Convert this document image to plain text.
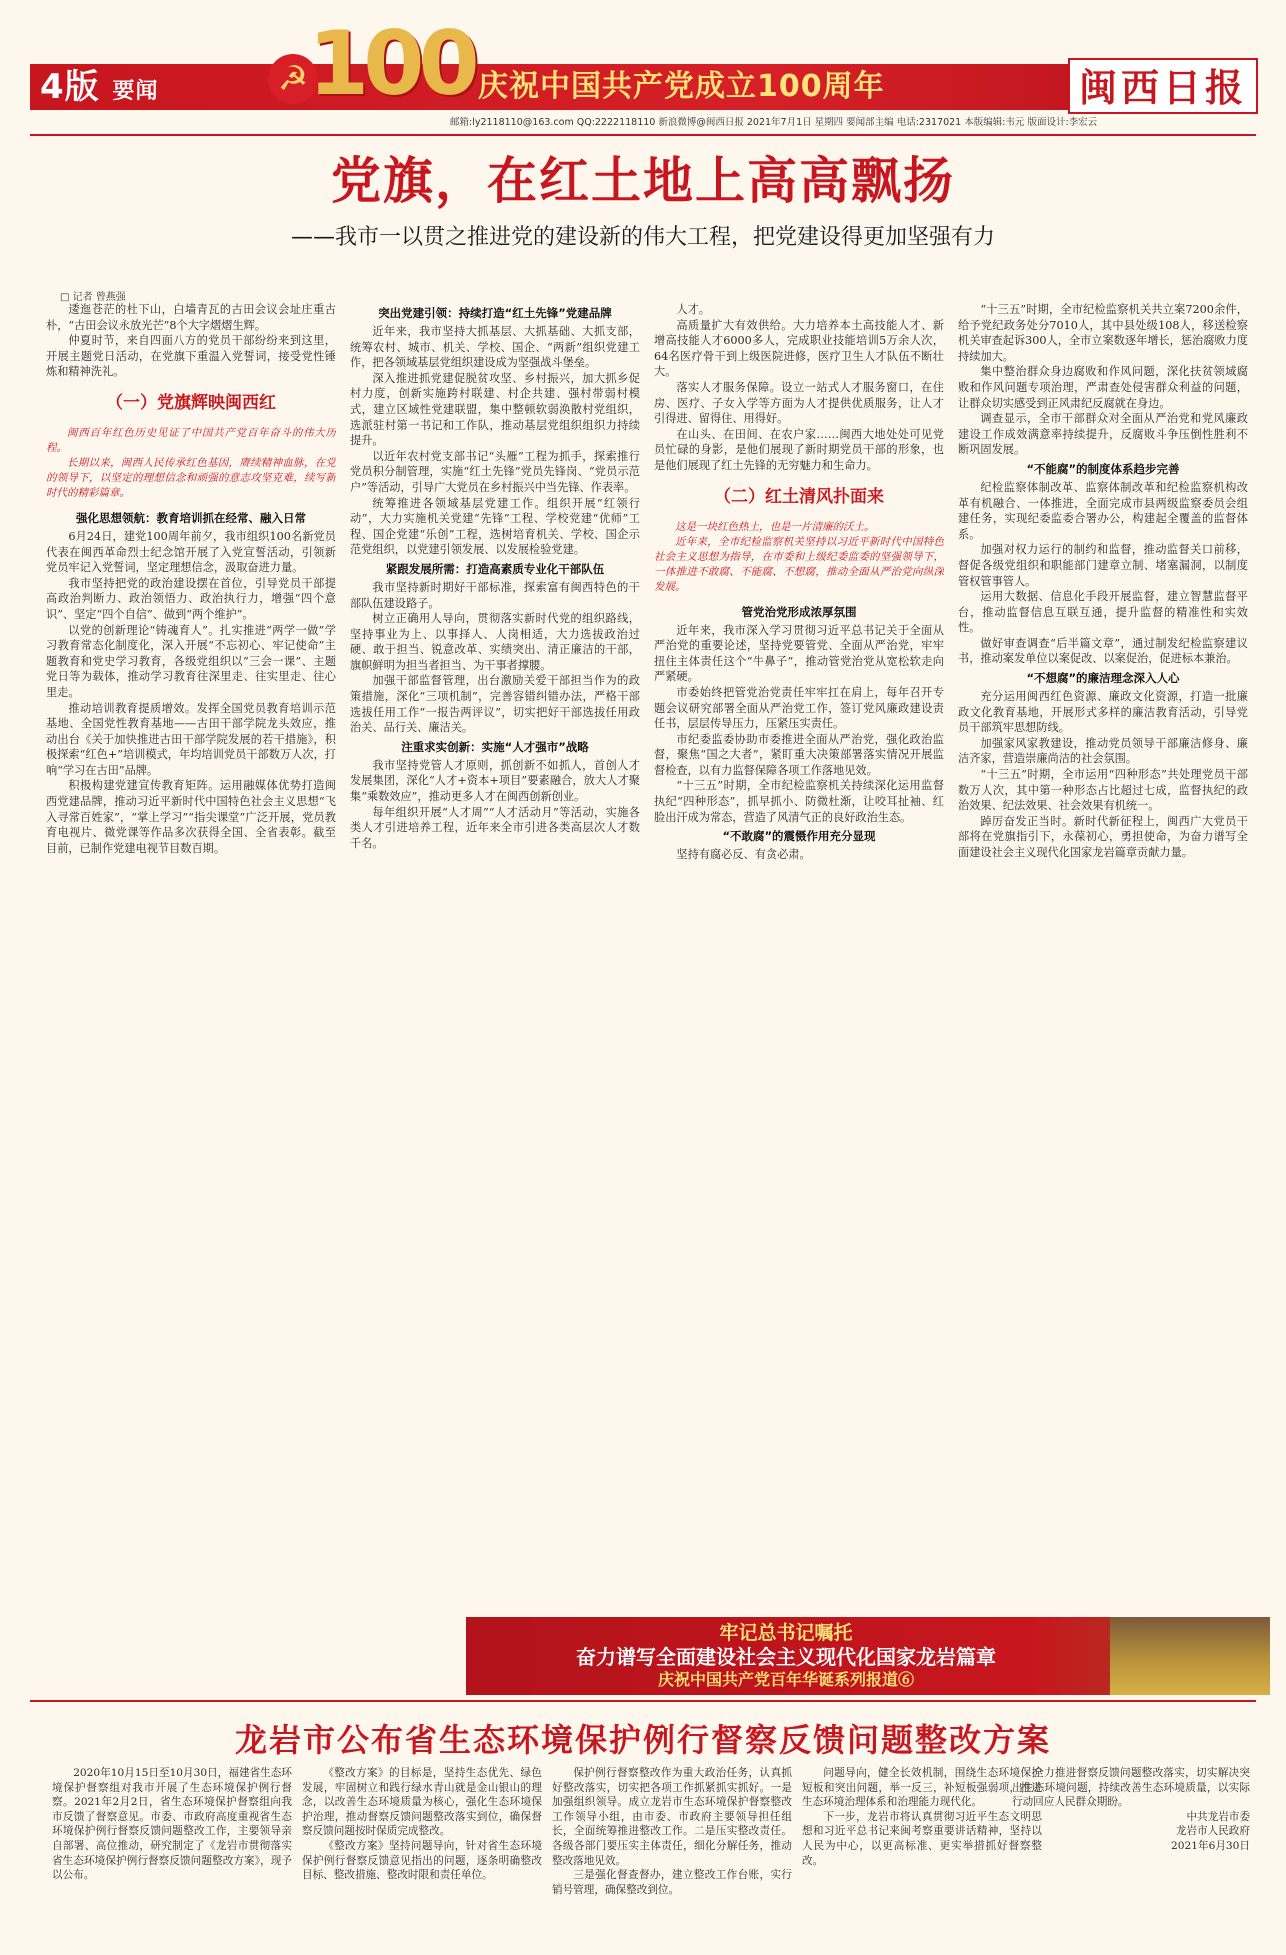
4版 要闻	☭ 100 庆祝中国共产党成立100周年	闽西日报
邮箱:ly2118110@163.com QQ:2222118110 新浪微博@闽西日报 2021年7月1日 星期四 要闻部主编 电话:2317021 本版编辑:韦元 版面设计:李宏云
党旗，在红土地上高高飘扬
——我市一以贯之推进党的建设新的伟大工程，把党建设得更加坚强有力
□ 记者 曾燕强

逶迤苍茫的杜下山，白墙青瓦的古田会议会址庄重古朴，“古田会议永放光芒”8个大字熠熠生辉。

仲夏时节，来自四面八方的党员干部纷纷来到这里，开展主题党日活动，在党旗下重温入党誓词，接受党性锤炼和精神洗礼。

（一）党旗辉映闽西红

闽西百年红色历史见证了中国共产党百年奋斗的伟大历程。

长期以来，闽西人民传承红色基因，赓续精神血脉，在党的领导下，以坚定的理想信念和顽强的意志攻坚克难，续写新时代的精彩篇章。

强化思想领航：教育培训抓在经常、融入日常

6月24日，建党100周年前夕，我市组织100名新党员代表在闽西革命烈士纪念馆开展了入党宣誓活动，引领新党员牢记入党誓词，坚定理想信念，汲取奋进力量。

我市坚持把党的政治建设摆在首位，引导党员干部提高政治判断力、政治领悟力、政治执行力，增强“四个意识”、坚定“四个自信”、做到“两个维护”。

以党的创新理论“铸魂育人”。扎实推进“两学一做”学习教育常态化制度化，深入开展“不忘初心、牢记使命”主题教育和党史学习教育，各级党组织以“三会一课”、主题党日等为载体，推动学习教育往深里走、往实里走、往心里走。

推动培训教育提质增效。发挥全国党员教育培训示范基地、全国党性教育基地——古田干部学院龙头效应，推动出台《关于加快推进古田干部学院发展的若干措施》，积极探索“红色+”培训模式，年均培训党员干部数万人次，打响“学习在古田”品牌。

积极构建党建宣传教育矩阵。运用融媒体优势打造闽西党建品牌，推动习近平新时代中国特色社会主义思想“飞入寻常百姓家”，“掌上学习”“指尖课堂”广泛开展，党员教育电视片、微党课等作品多次获得全国、全省表彰。截至目前，已制作党建电视节目数百期。

突出党建引领：持续打造“红土先锋”党建品牌

近年来，我市坚持大抓基层、大抓基础、大抓支部，统筹农村、城市、机关、学校、国企、“两新”组织党建工作，把各领域基层党组织建设成为坚强战斗堡垒。

深入推进抓党建促脱贫攻坚、乡村振兴，加大抓乡促村力度，创新实施跨村联建、村企共建、强村带弱村模式，建立区域性党建联盟，集中整顿软弱涣散村党组织，选派驻村第一书记和工作队，推动基层党组织组织力持续提升。

以近年农村党支部书记“头雁”工程为抓手，探索推行党员积分制管理，实施“红土先锋”党员先锋岗、“党员示范户”等活动，引导广大党员在乡村振兴中当先锋、作表率。

统筹推进各领域基层党建工作。组织开展“红领行动”，大力实施机关党建“先锋”工程、学校党建“优师”工程、国企党建“乐创”工程，选树培育机关、学校、国企示范党组织，以党建引领发展、以发展检验党建。

紧跟发展所需：打造高素质专业化干部队伍

我市坚持新时期好干部标准，探索富有闽西特色的干部队伍建设路子。

树立正确用人导向，贯彻落实新时代党的组织路线，坚持事业为上、以事择人、人岗相适，大力选拔政治过硬、敢于担当、锐意改革、实绩突出、清正廉洁的干部，旗帜鲜明为担当者担当、为干事者撑腰。

加强干部监督管理，出台激励关爱干部担当作为的政策措施，深化“三项机制”，完善容错纠错办法，严格干部选拔任用工作“一报告两评议”，切实把好干部选拔任用政治关、品行关、廉洁关。

注重求实创新：实施“人才强市”战略

我市坚持党管人才原则，抓创新不如抓人，首创人才发展集团，深化“人才+资本+项目”要素融合，放大人才聚集“乘数效应”，推动更多人才在闽西创新创业。

每年组织开展“人才周”“人才活动月”等活动，实施各类人才引进培养工程，近年来全市引进各类高层次人才数千名。

人才。

高质量扩大有效供给。大力培养本土高技能人才、新增高技能人才6000多人，完成职业技能培训5万余人次，64名医疗骨干到上级医院进修，医疗卫生人才队伍不断壮大。

落实人才服务保障。设立一站式人才服务窗口，在住房、医疗、子女入学等方面为人才提供优质服务，让人才引得进、留得住、用得好。

在山头、在田间、在农户家……闽西大地处处可见党员忙碌的身影，是他们展现了新时期党员干部的形象，也是他们展现了红土先锋的无穷魅力和生命力。

（二）红土清风扑面来

这是一块红色热土，也是一片清廉的沃土。

近年来，全市纪检监察机关坚持以习近平新时代中国特色社会主义思想为指导，在市委和上级纪委监委的坚强领导下，一体推进不敢腐、不能腐、不想腐，推动全面从严治党向纵深发展。

管党治党形成浓厚氛围

近年来，我市深入学习贯彻习近平总书记关于全面从严治党的重要论述，坚持党要管党、全面从严治党，牢牢扭住主体责任这个“牛鼻子”，推动管党治党从宽松软走向严紧硬。

市委始终把管党治党责任牢牢扛在肩上，每年召开专题会议研究部署全面从严治党工作，签订党风廉政建设责任书，层层传导压力，压紧压实责任。

市纪委监委协助市委推进全面从严治党，强化政治监督，聚焦“国之大者”，紧盯重大决策部署落实情况开展监督检查，以有力监督保障各项工作落地见效。

“十三五”时期，全市纪检监察机关持续深化运用监督执纪“四种形态”，抓早抓小、防微杜渐，让咬耳扯袖、红脸出汗成为常态，营造了风清气正的良好政治生态。

“不敢腐”的震慑作用充分显现

坚持有腐必反、有贪必肃。

“十三五”时期，全市纪检监察机关共立案7200余件，给予党纪政务处分7010人，其中县处级108人，移送检察机关审查起诉300人，全市立案数逐年增长，惩治腐败力度持续加大。

集中整治群众身边腐败和作风问题，深化扶贫领域腐败和作风问题专项治理，严肃查处侵害群众利益的问题，让群众切实感受到正风肃纪反腐就在身边。

调查显示，全市干部群众对全面从严治党和党风廉政建设工作成效满意率持续提升，反腐败斗争压倒性胜利不断巩固发展。

“不能腐”的制度体系趋步完善

纪检监察体制改革、监察体制改革和纪检监察机构改革有机融合、一体推进，全面完成市县两级监察委员会组建任务，实现纪委监委合署办公，构建起全覆盖的监督体系。

加强对权力运行的制约和监督，推动监督关口前移，督促各级党组织和职能部门建章立制、堵塞漏洞，以制度管权管事管人。

运用大数据、信息化手段开展监督，建立智慧监督平台，推动监督信息互联互通，提升监督的精准性和实效性。

做好审查调查“后半篇文章”，通过制发纪检监察建议书，推动案发单位以案促改、以案促治，促进标本兼治。

“不想腐”的廉洁理念深入人心

充分运用闽西红色资源、廉政文化资源，打造一批廉政文化教育基地，开展形式多样的廉洁教育活动，引导党员干部筑牢思想防线。

加强家风家教建设，推动党员领导干部廉洁修身、廉洁齐家，营造崇廉尚洁的社会氛围。

“十三五”时期，全市运用“四种形态”共处理党员干部数万人次，其中第一种形态占比超过七成，监督执纪的政治效果、纪法效果、社会效果有机统一。

踔厉奋发正当时。新时代新征程上，闽西广大党员干部将在党旗指引下，永葆初心，勇担使命，为奋力谱写全面建设社会主义现代化国家龙岩篇章贡献力量。

牢记总书记嘱托
奋力谱写全面建设社会主义现代化国家龙岩篇章
庆祝中国共产党百年华诞系列报道⑥
龙岩市公布省生态环境保护例行督察反馈问题整改方案

2020年10月15日至10月30日，福建省生态环境保护督察组对我市开展了生态环境保护例行督察。2021年2月2日，省生态环境保护督察组向我市反馈了督察意见。市委、市政府高度重视省生态环境保护例行督察反馈问题整改工作，主要领导亲自部署、高位推动，研究制定了《龙岩市贯彻落实省生态环境保护例行督察反馈问题整改方案》，现予以公布。

《整改方案》的目标是，坚持生态优先、绿色发展，牢固树立和践行绿水青山就是金山银山的理念，以改善生态环境质量为核心，强化生态环境保护治理，推动督察反馈问题整改落实到位，确保督察反馈问题按时保质完成整改。

《整改方案》坚持问题导向，针对省生态环境保护例行督察反馈意见指出的问题，逐条明确整改目标、整改措施、整改时限和责任单位。

保护例行督察整改作为重大政治任务，认真抓好整改落实，切实把各项工作抓紧抓实抓好。一是加强组织领导。成立龙岩市生态环境保护督察整改工作领导小组，由市委、市政府主要领导担任组长，全面统筹推进整改工作。二是压实整改责任。各级各部门要压实主体责任，细化分解任务，推动整改落地见效。

三是强化督查督办，建立整改工作台账，实行销号管理，确保整改到位。

问题导向，健全长效机制，围绕生态环境保护短板和突出问题，举一反三，补短板强弱项，推进生态环境治理体系和治理能力现代化。

下一步，龙岩市将认真贯彻习近平生态文明思想和习近平总书记来闽考察重要讲话精神，坚持以人民为中心，以更高标准、更实举措抓好督察整改。

全力推进督察反馈问题整改落实，切实解决突出生态环境问题，持续改善生态环境质量，以实际行动回应人民群众期盼。

中共龙岩市委

龙岩市人民政府

2021年6月30日
